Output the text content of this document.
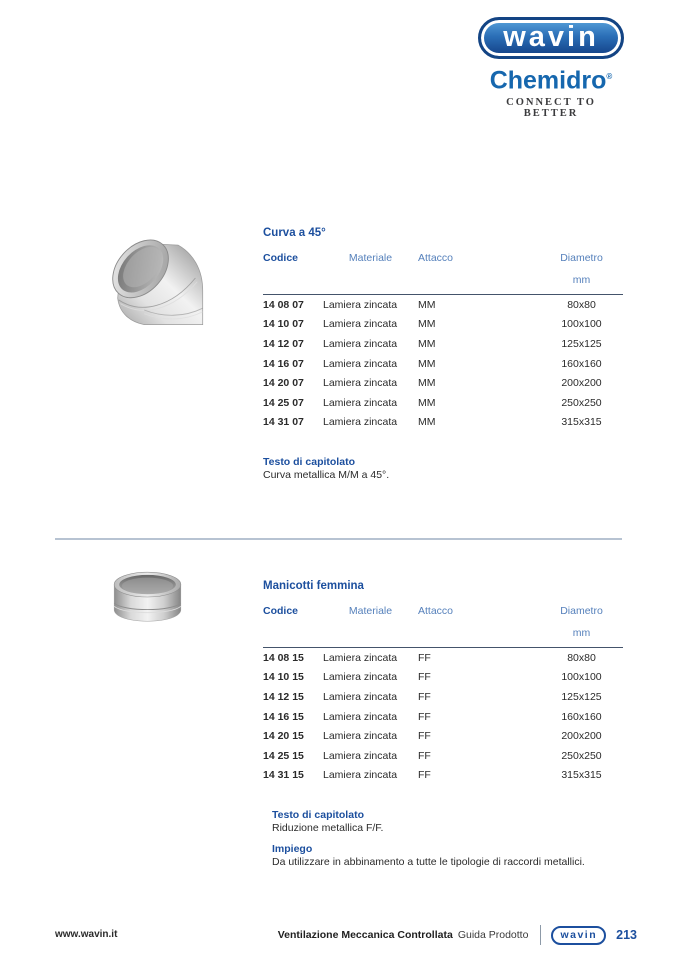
wavin
Chemidro®
CONNECT TO BETTER
Curva a 45°
Codice	Materiale	Attacco	Diametro
			mm
14 08 07	Lamiera zincata	MM	80x80
14 10 07	Lamiera zincata	MM	100x100
14 12 07	Lamiera zincata	MM	125x125
14 16 07	Lamiera zincata	MM	160x160
14 20 07	Lamiera zincata	MM	200x200
14 25 07	Lamiera zincata	MM	250x250
14 31 07	Lamiera zincata	MM	315x315
Testo di capitolato
Curva metallica M/M a 45°.
Manicotti femmina
Codice	Materiale	Attacco	Diametro
			mm
14 08 15	Lamiera zincata	FF	80x80
14 10 15	Lamiera zincata	FF	100x100
14 12 15	Lamiera zincata	FF	125x125
14 16 15	Lamiera zincata	FF	160x160
14 20 15	Lamiera zincata	FF	200x200
14 25 15	Lamiera zincata	FF	250x250
14 31 15	Lamiera zincata	FF	315x315
Testo di capitolato
Riduzione metallica F/F.
Impiego
Da utilizzare in abbinamento a tutte le tipologie di raccordi metallici.
www.wavin.it	Ventilazione Meccanica Controllata Guida Prodotto	wavin	213
